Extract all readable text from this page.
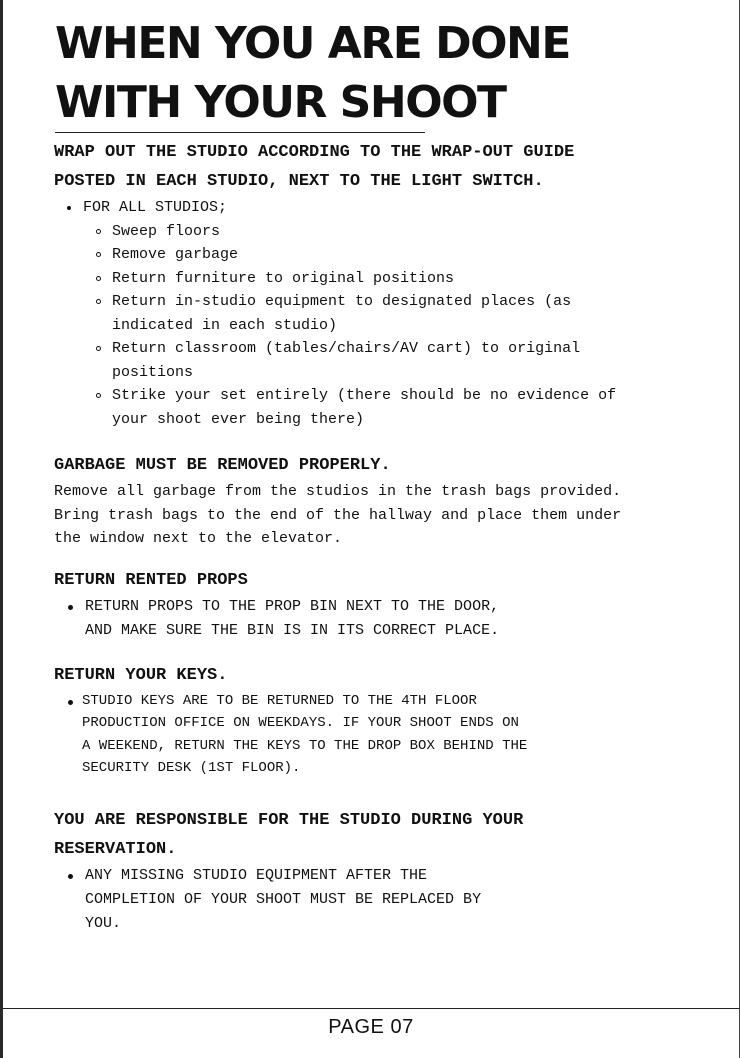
WHEN YOU ARE DONE
WITH YOUR SHOOT

WRAP OUT THE STUDIO ACCORDING TO THE WRAP-OUT GUIDE POSTED IN EACH STUDIO, NEXT TO THE LIGHT SWITCH.

FOR ALL STUDIOS;
Sweep floors
Remove garbage
Return furniture to original positions
Return in-studio equipment to designated places (as indicated in each studio)
Return classroom (tables/chairs/AV cart) to original positions
Strike your set entirely (there should be no evidence of your shoot ever being there)

GARBAGE MUST BE REMOVED PROPERLY.

Remove all garbage from the studios in the trash bags provided. Bring trash bags to the end of the hallway and place them under the window next to the elevator.

RETURN RENTED PROPS

RETURN PROPS TO THE PROP BIN NEXT TO THE DOOR, AND MAKE SURE THE BIN IS IN ITS CORRECT PLACE.

RETURN YOUR KEYS.

STUDIO KEYS ARE TO BE RETURNED TO THE 4TH FLOOR PRODUCTION OFFICE ON WEEKDAYS. IF YOUR SHOOT ENDS ON A WEEKEND, RETURN THE KEYS TO THE DROP BOX BEHIND THE SECURITY DESK (1ST FLOOR).

YOU ARE RESPONSIBLE FOR THE STUDIO DURING YOUR RESERVATION.

ANY MISSING STUDIO EQUIPMENT AFTER THE COMPLETION OF YOUR SHOOT MUST BE REPLACED BY YOU.
PAGE 07
